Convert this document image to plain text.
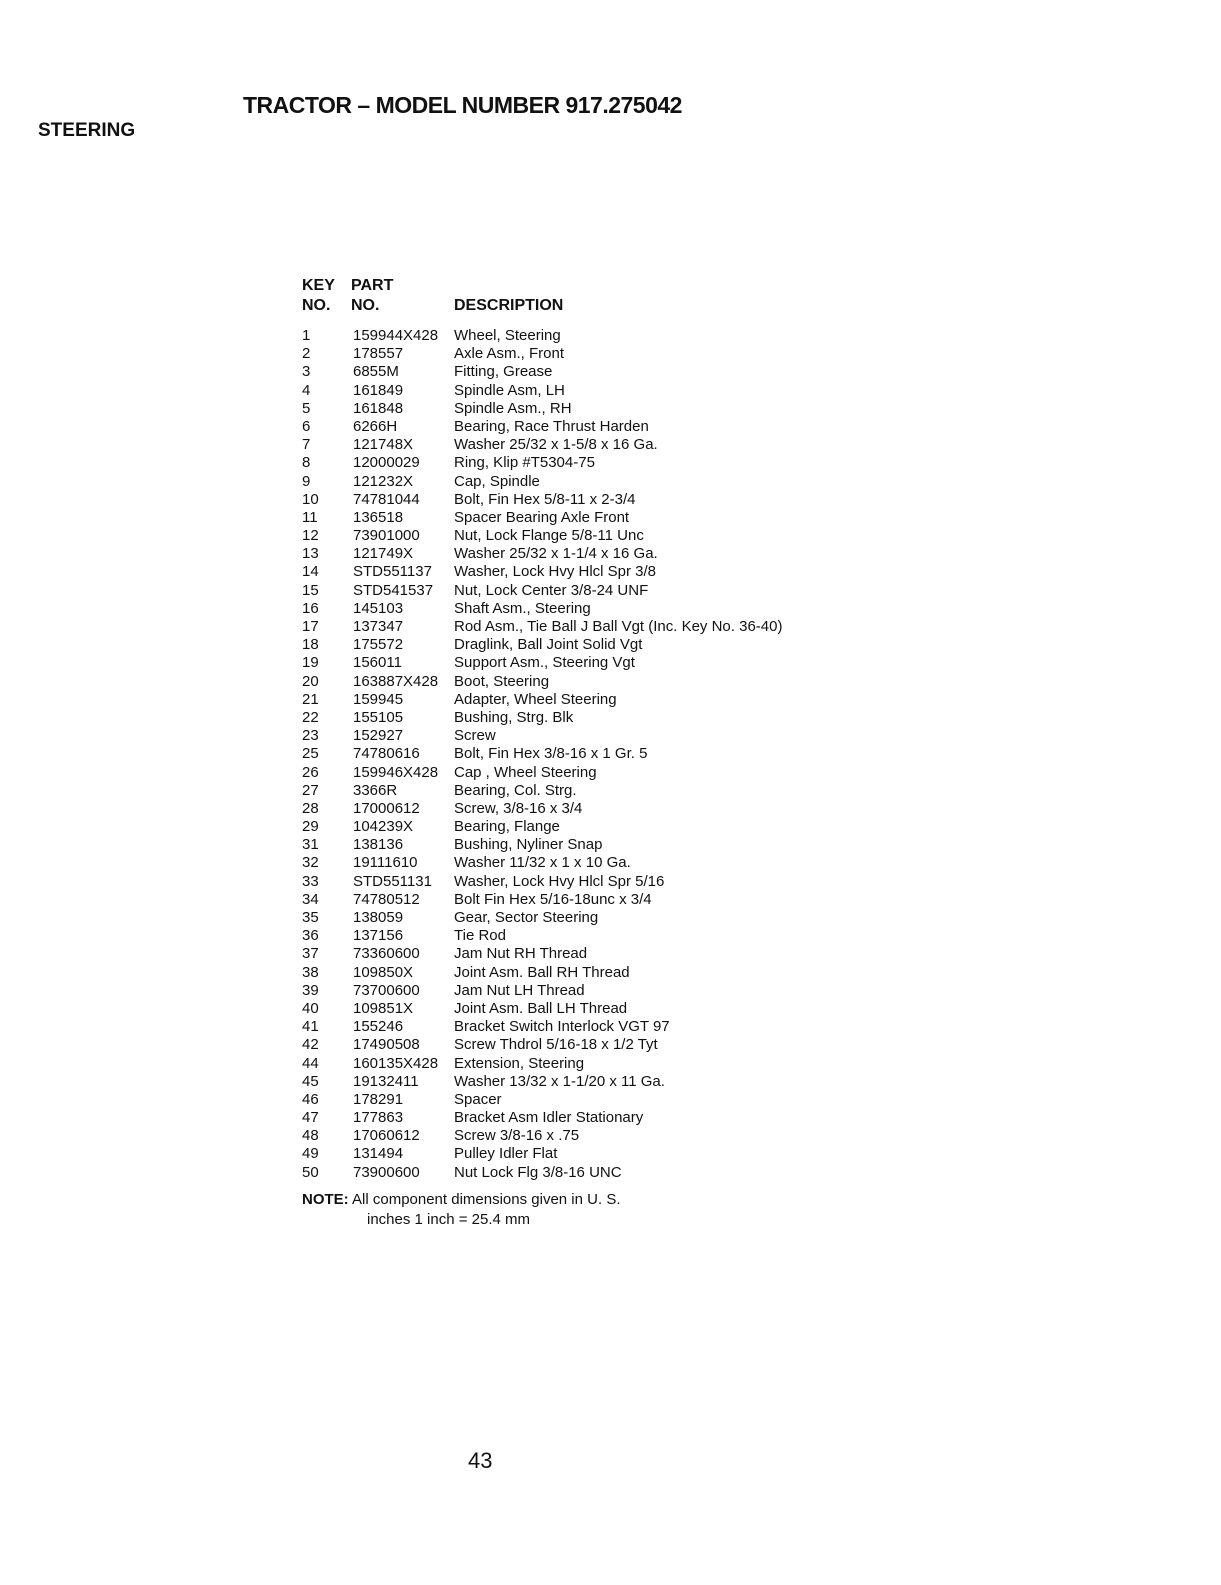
TRACTOR – MODEL NUMBER 917.275042
STEERING
KEY
NO.
PART
NO.	DESCRIPTION
1	159944X428 Wheel, Steering
2	178557	Axle Asm., Front
3	6855M	Fitting, Grease
4	161849	Spindle Asm, LH
5	161848	Spindle Asm., RH
6	6266H	Bearing, Race Thrust Harden
7	121748X	Washer 25/32 x 1-5/8 x 16 Ga.
8	12000029 Ring, Klip #T5304-75
9	121232X	Cap, Spindle
10 74781044 Bolt, Fin Hex 5/8-11 x 2-3/4
11 136518	Spacer Bearing Axle Front
12 73901000 Nut, Lock Flange 5/8-11 Unc
13 121749X	Washer 25/32 x 1-1/4 x 16 Ga.
14 STD551137 Washer, Lock Hvy Hlcl Spr 3/8
15 STD541537 Nut, Lock Center 3/8-24 UNF
16 145103	Shaft Asm., Steering
17 137347	Rod Asm., Tie Ball J Ball Vgt (Inc. Key No. 36-40)
18 175572	Draglink, Ball Joint Solid Vgt
19 156011	Support Asm., Steering Vgt
20 163887X428 Boot, Steering
21 159945	Adapter, Wheel Steering
22 155105	Bushing, Strg. Blk
23 152927	Screw
25 74780616 Bolt, Fin Hex 3/8-16 x 1 Gr. 5
26 159946X428 Cap , Wheel Steering
27 3366R	Bearing, Col. Strg.
28 17000612 Screw, 3/8-16 x 3/4
29 104239X	Bearing, Flange
31 138136	Bushing, Nyliner Snap
32 19111610 Washer 11/32 x 1 x 10 Ga.
33 STD551131 Washer, Lock Hvy Hlcl Spr 5/16
34 74780512 Bolt Fin Hex 5/16-18unc x 3/4
35 138059	Gear, Sector Steering
36 137156	Tie Rod
37 73360600 Jam Nut RH Thread
38 109850X	Joint Asm. Ball RH Thread
39 73700600 Jam Nut LH Thread
40 109851X	Joint Asm. Ball LH Thread
41 155246	Bracket Switch Interlock VGT 97
42 17490508 Screw Thdrol 5/16-18 x 1/2 Tyt
44 160135X428 Extension, Steering
45 19132411 Washer 13/32 x 1-1/20 x 11 Ga.
46 178291	Spacer
47 177863	Bracket Asm Idler Stationary
48 17060612 Screw 3/8-16 x .75
49 131494	Pulley Idler Flat
50 73900600 Nut Lock Flg 3/8-16 UNC
NOTE: All component dimensions given in U. S.
inches 1 inch = 25.4 mm
43
